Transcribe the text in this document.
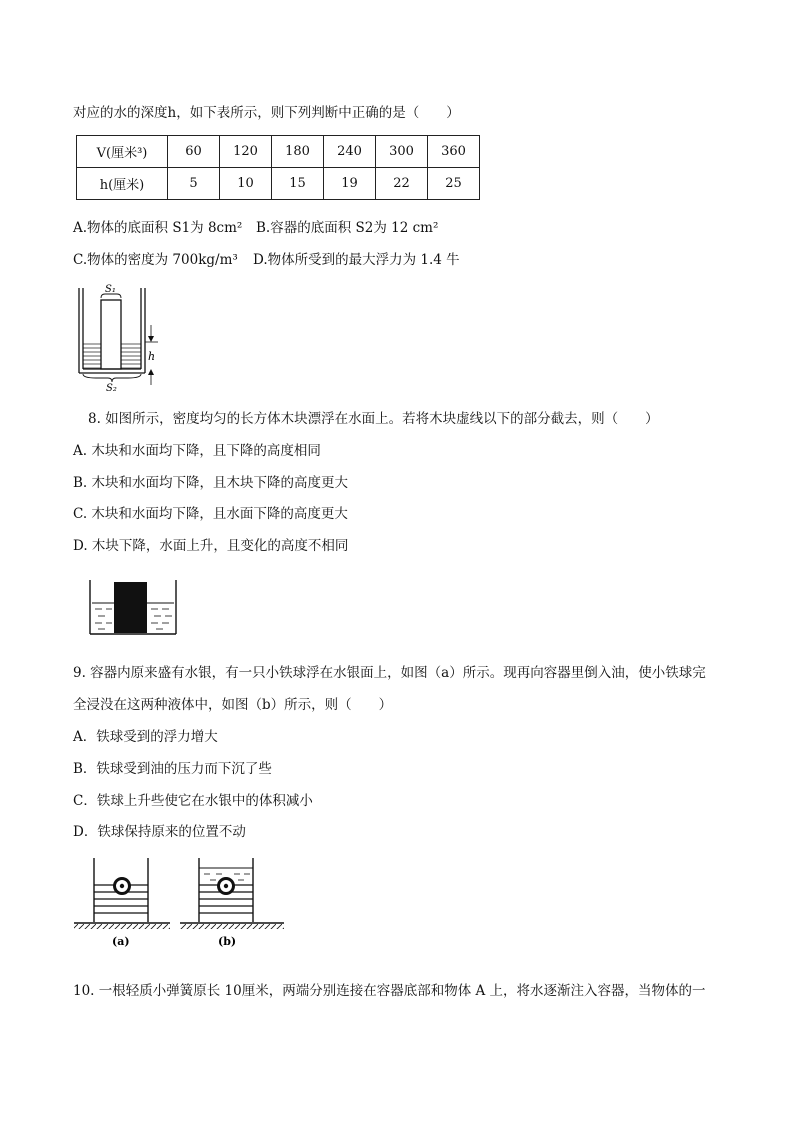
对应的水的深度h，如下表所示，则下列判断中正确的是（　　）
V(厘米³)	60	120	180	240	300	360
h(厘米)	5	10	15	19	22	25
A.物体的底面积 S1为 8cm² B.容器的底面积 S2为 12 cm²
C.物体的密度为 700kg/m³ D.物体所受到的最大浮力为 1.4 牛
S₁
S₂
h
8. 如图所示，密度均匀的长方体木块漂浮在水面上。若将木块虚线以下的部分截去，则（　　）
A. 木块和水面均下降，且下降的高度相同
B. 木块和水面均下降，且木块下降的高度更大
C. 木块和水面均下降，且水面下降的高度更大
D. 木块下降，水面上升，且变化的高度不相同
9. 容器内原来盛有水银，有一只小铁球浮在水银面上，如图（a）所示。现再向容器里倒入油，使小铁球完
全浸没在这两种液体中，如图（b）所示，则（　　）
A．铁球受到的浮力增大
B．铁球受到油的压力而下沉了些
C．铁球上升些使它在水银中的体积减小
D．铁球保持原来的位置不动
(a)	(b)
10. 一根轻质小弹簧原长 10厘米，两端分别连接在容器底部和物体 A 上，将水逐渐注入容器，当物体的一
